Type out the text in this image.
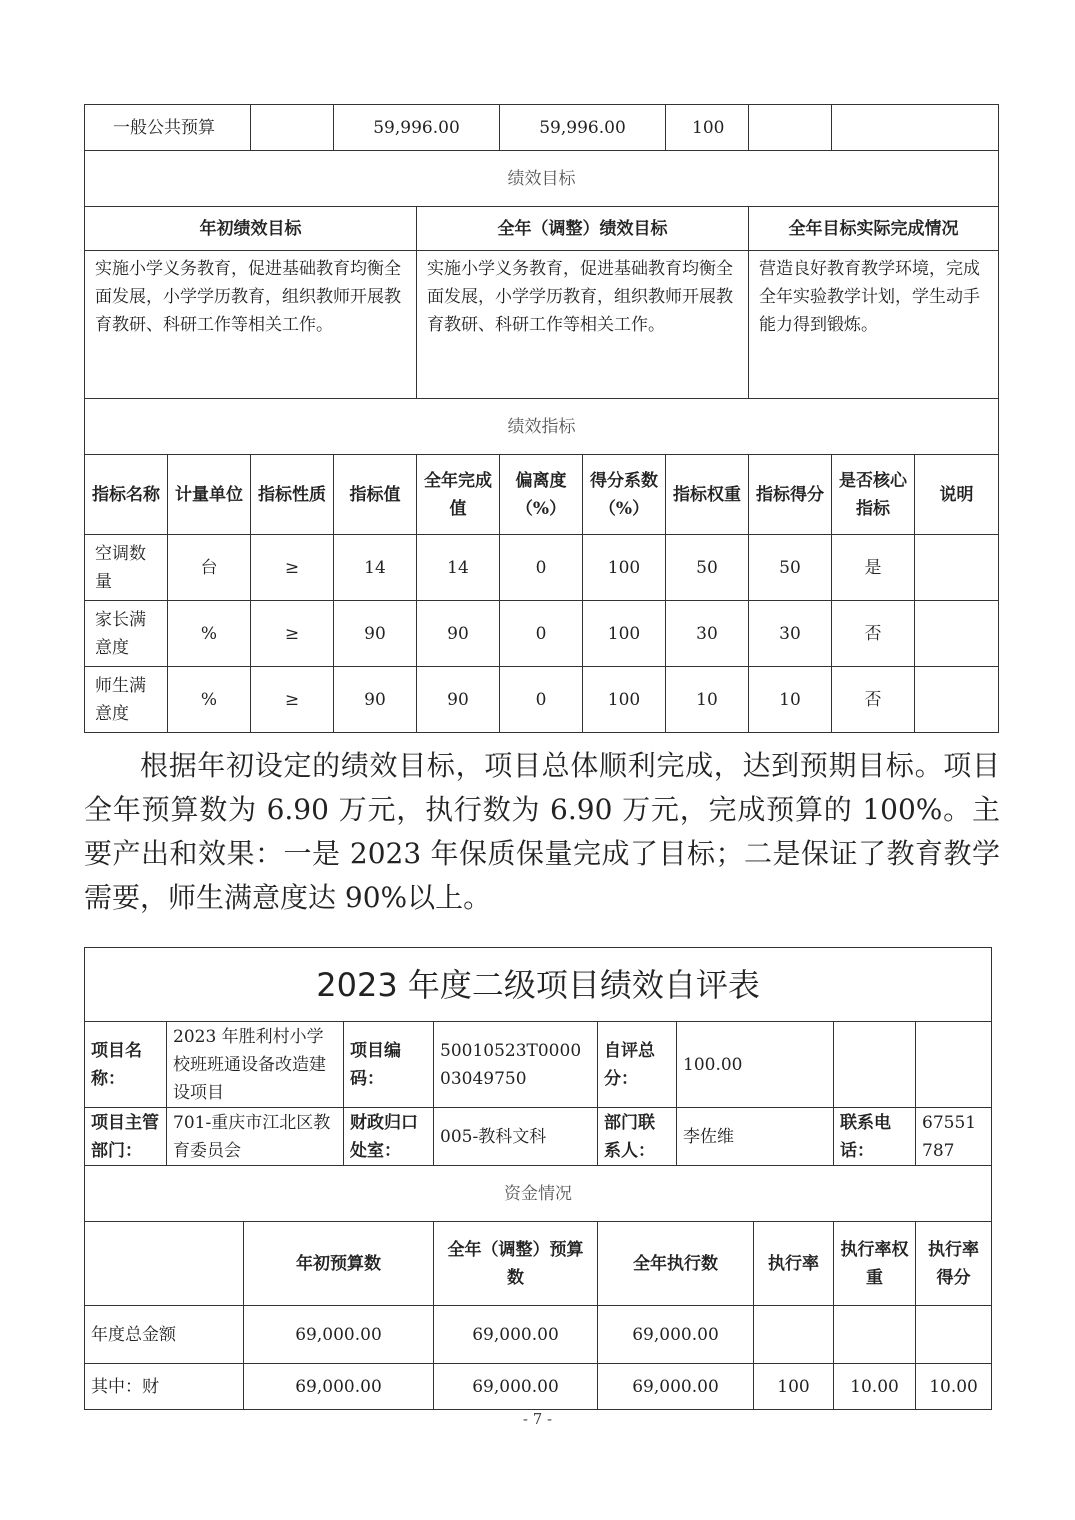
一般公共预算			59,996.00		59,996.00		100			
绩效目标										
年初绩效目标				全年（调整）绩效目标				全年目标实际完成情况		
实施小学义务教育，促进基础教育均衡全面发展，小学学历教育，组织教师开展教育教研、科研工作等相关工作。				实施小学义务教育，促进基础教育均衡全面发展，小学学历教育，组织教师开展教育教研、科研工作等相关工作。				营造良好教育教学环境，完成全年实验教学计划，学生动手能力得到锻炼。		
绩效指标										
指标名称	计量单位	指标性质	指标值	全年完成值	偏离度（%）	得分系数（%）	指标权重	指标得分	是否核心指标	说明
空调数量	台	≥	14	14	0	100	50	50	是	
家长满意度	%	≥	90	90	0	100	30	30	否	
师生满意度	%	≥	90	90	0	100	10	10	否	

根据年初设定的绩效目标，项目总体顺利完成，达到预期目标。项目全年预算数为 6.90 万元，执行数为 6.90 万元，完成预算的 100%。主要产出和效果：一是 2023 年保质保量完成了目标；二是保证了教育教学需要，师生满意度达 90%以上。

2023 年度二级项目绩效自评表									
项目名称：	2023 年胜利村小学校班班通设备改造建设项目		项目编码：	50010523T000003049750	自评总分：	100.00			
项目主管部门：	701-重庆市江北区教育委员会		财政归口处室：	005-教科文科	部门联系人：	李佐维		联系电话：	67551787
资金情况									
		年初预算数		全年（调整）预算数	全年执行数		执行率	执行率权重	执行率得分
年度总金额		69,000.00		69,000.00	69,000.00				
其中：财		69,000.00		69,000.00	69,000.00		100	10.00	10.00
- 7 -
